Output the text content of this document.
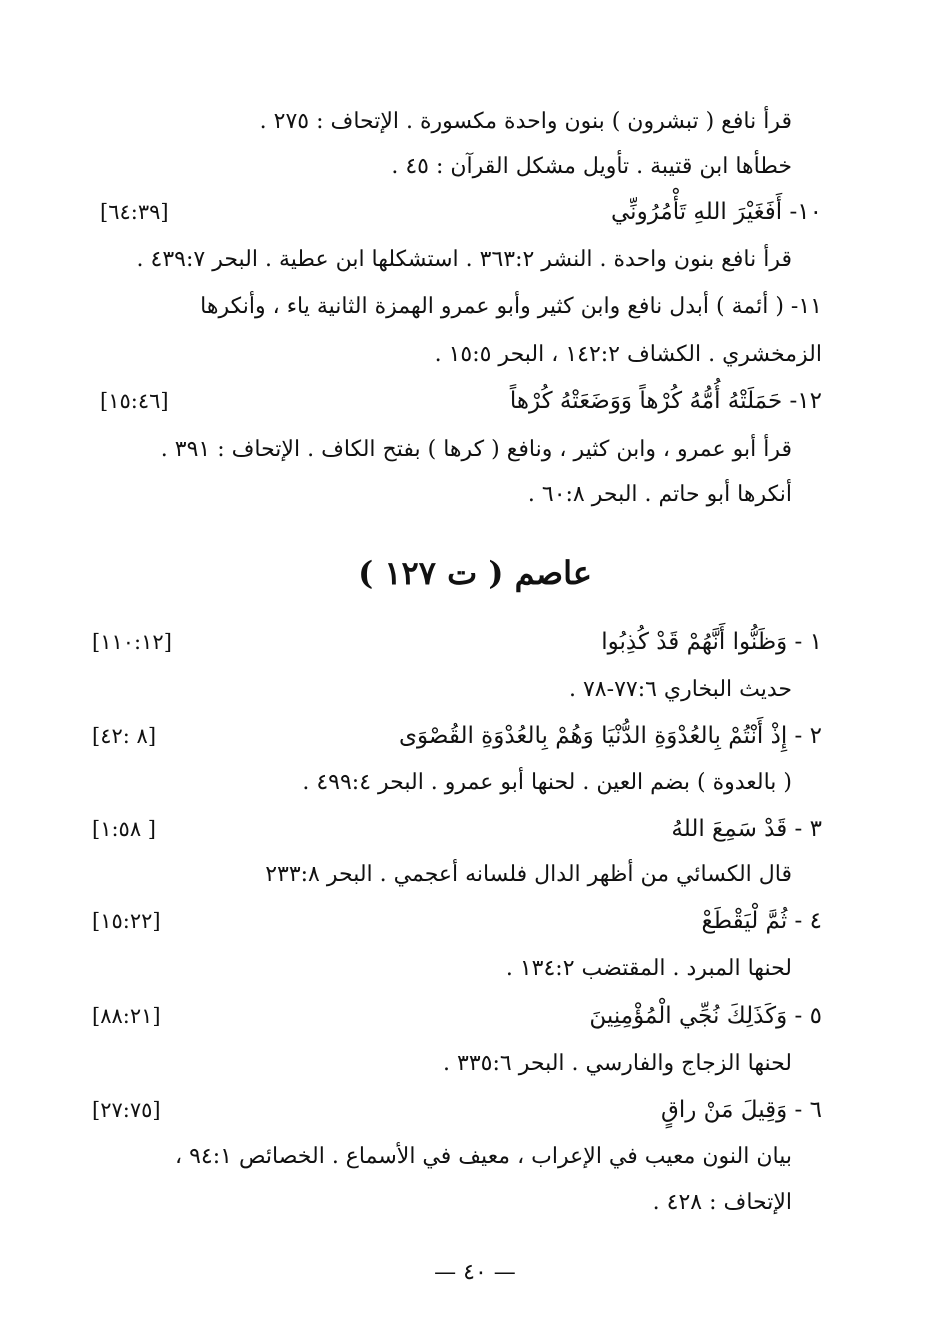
قرأ نافع ( تبشرون ) بنون واحدة مكسورة . الإتحاف : ٢٧٥ .
خطأها ابن قتيبة . تأويل مشكل القرآن : ٤٥ .
١٠- أَفَغَيْرَ اللهِ تَأْمُرُونِّي
[٦٤:٣٩]
قرأ نافع بنون واحدة . النشر ٣٦٣:٢ . استشكلها ابن عطية . البحر ٤٣٩:٧ .
١١- ( أئمة ) أبدل نافع وابن كثير وأبو عمرو الهمزة الثانية ياء ، وأنكرها
الزمخشري . الكشاف ١٤٢:٢ ، البحر ١٥:٥ .
١٢- حَمَلَتْهُ أُمُّهُ كُرْهاً وَوَضَعَتْهُ كُرْهاً
[١٥:٤٦]
قرأ أبو عمرو ، وابن كثير ، ونافع ( كرها ) بفتح الكاف . الإتحاف : ٣٩١ .
أنكرها أبو حاتم . البحر ٦٠:٨ .
عاصم ( ت ١٢٧ )
١ - وَظَنُّوا أَنَّهُمْ قَدْ كُذِبُوا
[١١٠:١٢]
حديث البخاري ٧٧:٦-٧٨ .
٢ - إِذْ أَنْتُمْ بِالعُدْوَةِ الدُّنْيَا وَهُمْ بِالعُدْوَةِ القُصْوَى
[٨ :٤٢]
( بالعدوة ) بضم العين . لحنها أبو عمرو . البحر ٤٩٩:٤ .
٣ - قَدْ سَمِعَ اللهُ
[١:٥٨ ]
قال الكسائي من أظهر الدال فلسانه أعجمي . البحر ٢٣٣:٨
٤ - ثُمَّ لْيَقْطَعْ
[١٥:٢٢]
لحنها المبرد . المقتضب ١٣٤:٢ .
٥ - وَكَذَلِكَ نُجِّي الْمُؤْمِنِينَ
[٨٨:٢١]
لحنها الزجاج والفارسي . البحر ٣٣٥:٦ .
٦ - وَقِيلَ مَنْ راقٍ
[٢٧:٧٥]
بيان النون معيب في الإعراب ، معيف في الأسماع . الخصائص ٩٤:١ ،
الإتحاف : ٤٢٨ .
— ٤٠ —
